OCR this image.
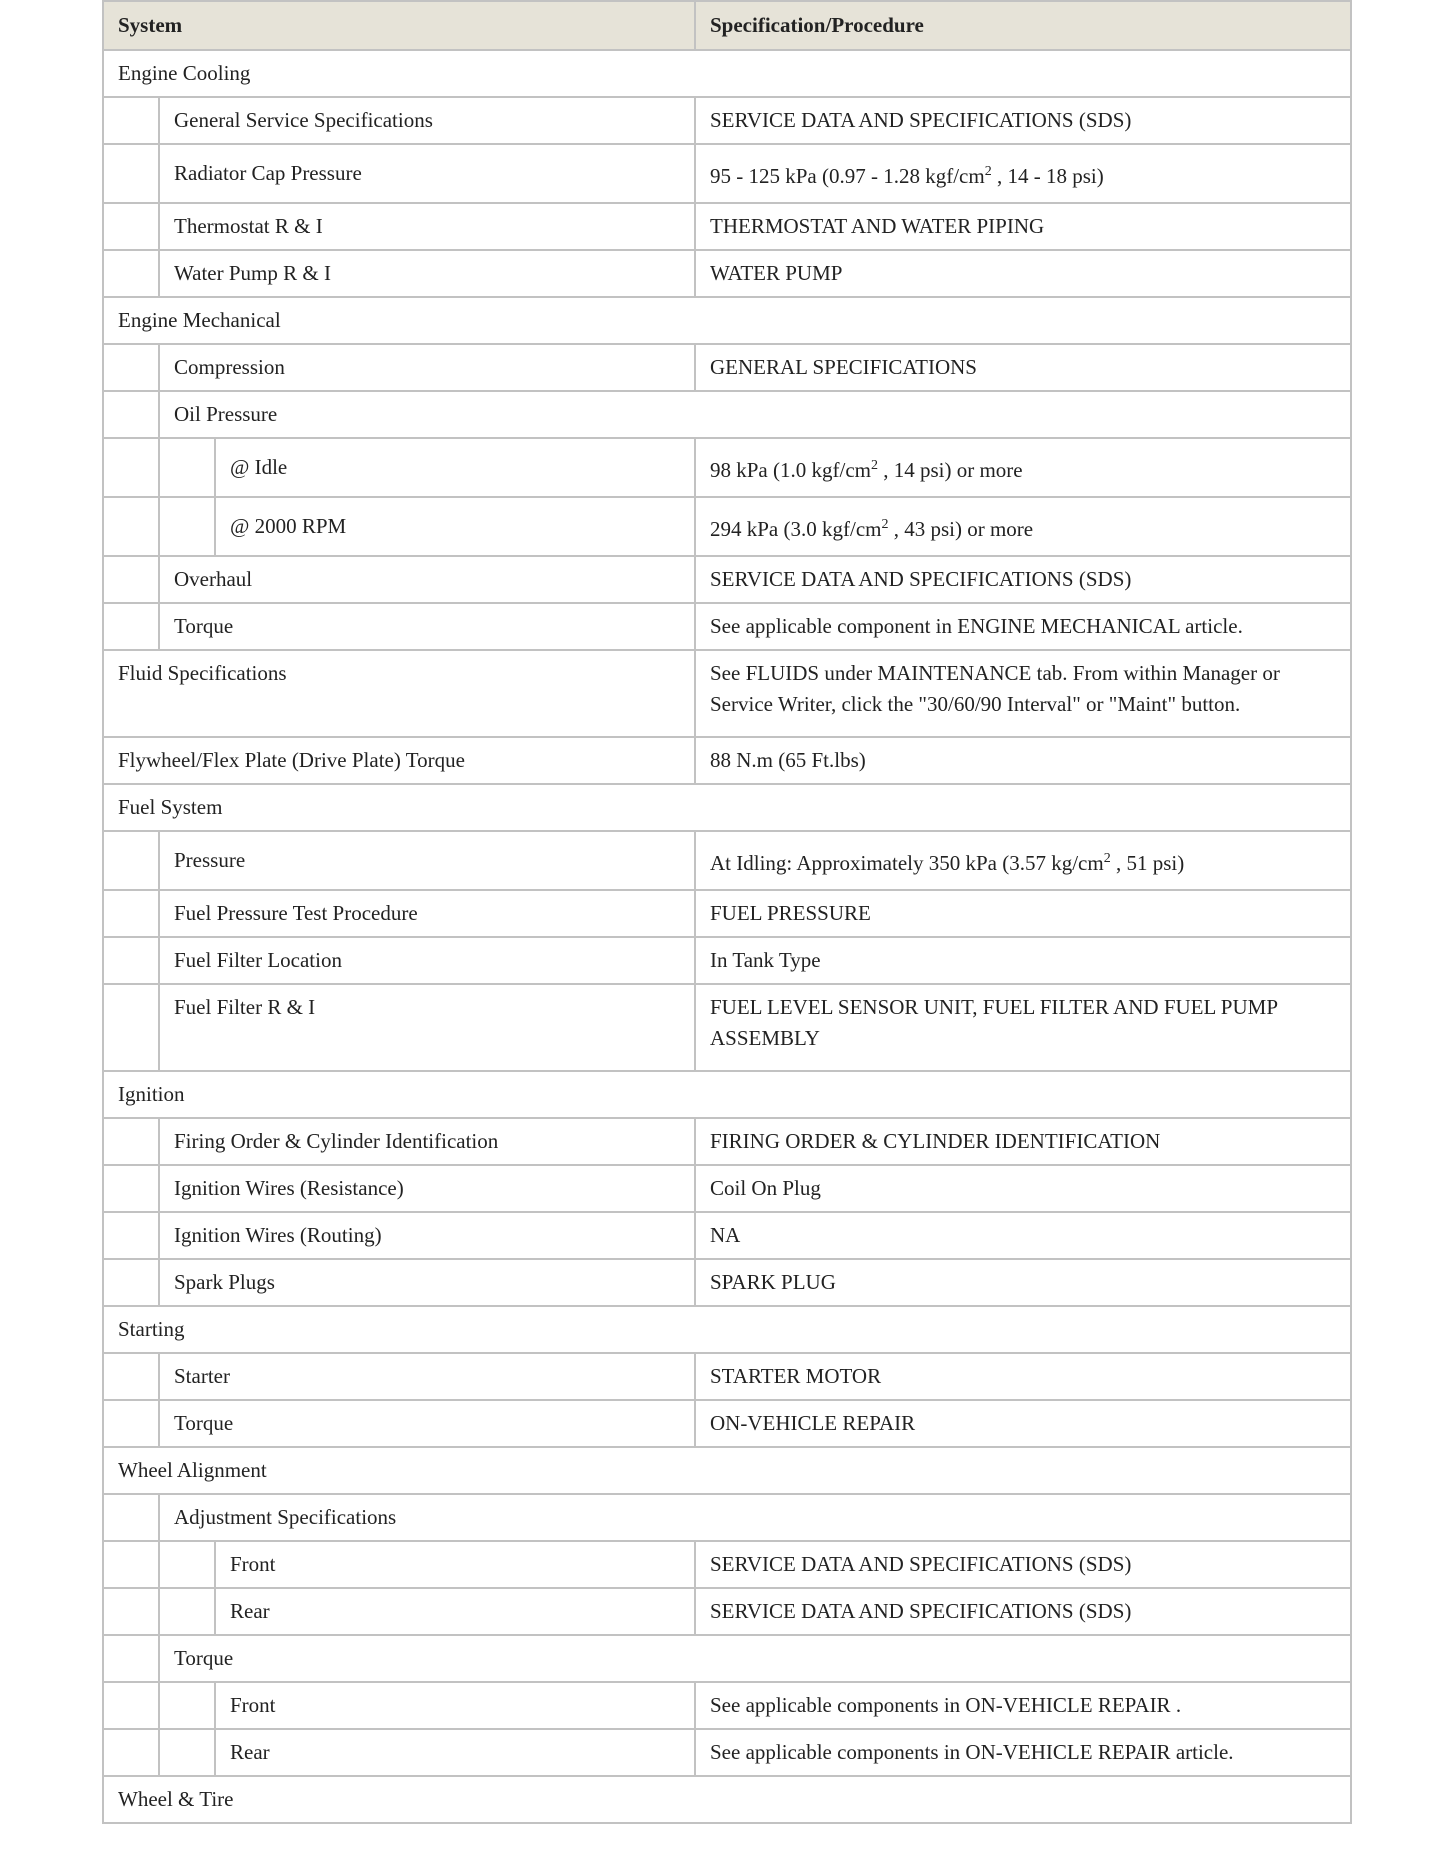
System			Specification/Procedure
Engine Cooling			
	General Service Specifications		SERVICE DATA AND SPECIFICATIONS (SDS)
	Radiator Cap Pressure		95 - 125 kPa (0.97 - 1.28 kgf/$cm^2$ , 14 - 18 psi)
	Thermostat R & I		THERMOSTAT AND WATER PIPING
	Water Pump R & I		WATER PUMP
Engine Mechanical			
	Compression		GENERAL SPECIFICATIONS
	Oil Pressure		
		@ Idle	98 kPa (1.0 kgf/$cm^2$ , 14 psi) or more
		@ 2000 RPM	294 kPa (3.0 kgf/$cm^2$ , 43 psi) or more
	Overhaul		SERVICE DATA AND SPECIFICATIONS (SDS)
	Torque		See applicable component in ENGINE MECHANICAL article.
Fluid Specifications			See FLUIDS under MAINTENANCE tab. From within Manager or Service Writer, click the "30/60/90 Interval" or "Maint" button.
Flywheel/Flex Plate (Drive Plate) Torque			88 N.m (65 Ft.lbs)
Fuel System			
	Pressure		At Idling: Approximately 350 kPa (3.57 $kg/cm^2$ , 51 psi)
	Fuel Pressure Test Procedure		FUEL PRESSURE
	Fuel Filter Location		In Tank Type
	Fuel Filter R & I		FUEL LEVEL SENSOR UNIT, FUEL FILTER AND FUEL PUMP ASSEMBLY
Ignition			
	Firing Order & Cylinder Identification		FIRING ORDER & CYLINDER IDENTIFICATION
	Ignition Wires (Resistance)		Coil On Plug
	Ignition Wires (Routing)		NA
	Spark Plugs		SPARK PLUG
Starting			
	Starter		STARTER MOTOR
	Torque		ON-VEHICLE REPAIR
Wheel Alignment			
	Adjustment Specifications		
		Front	SERVICE DATA AND SPECIFICATIONS (SDS)
		Rear	SERVICE DATA AND SPECIFICATIONS (SDS)
	Torque		
		Front	See applicable components in ON-VEHICLE REPAIR .
		Rear	See applicable components in ON-VEHICLE REPAIR article.
Wheel & Tire			
